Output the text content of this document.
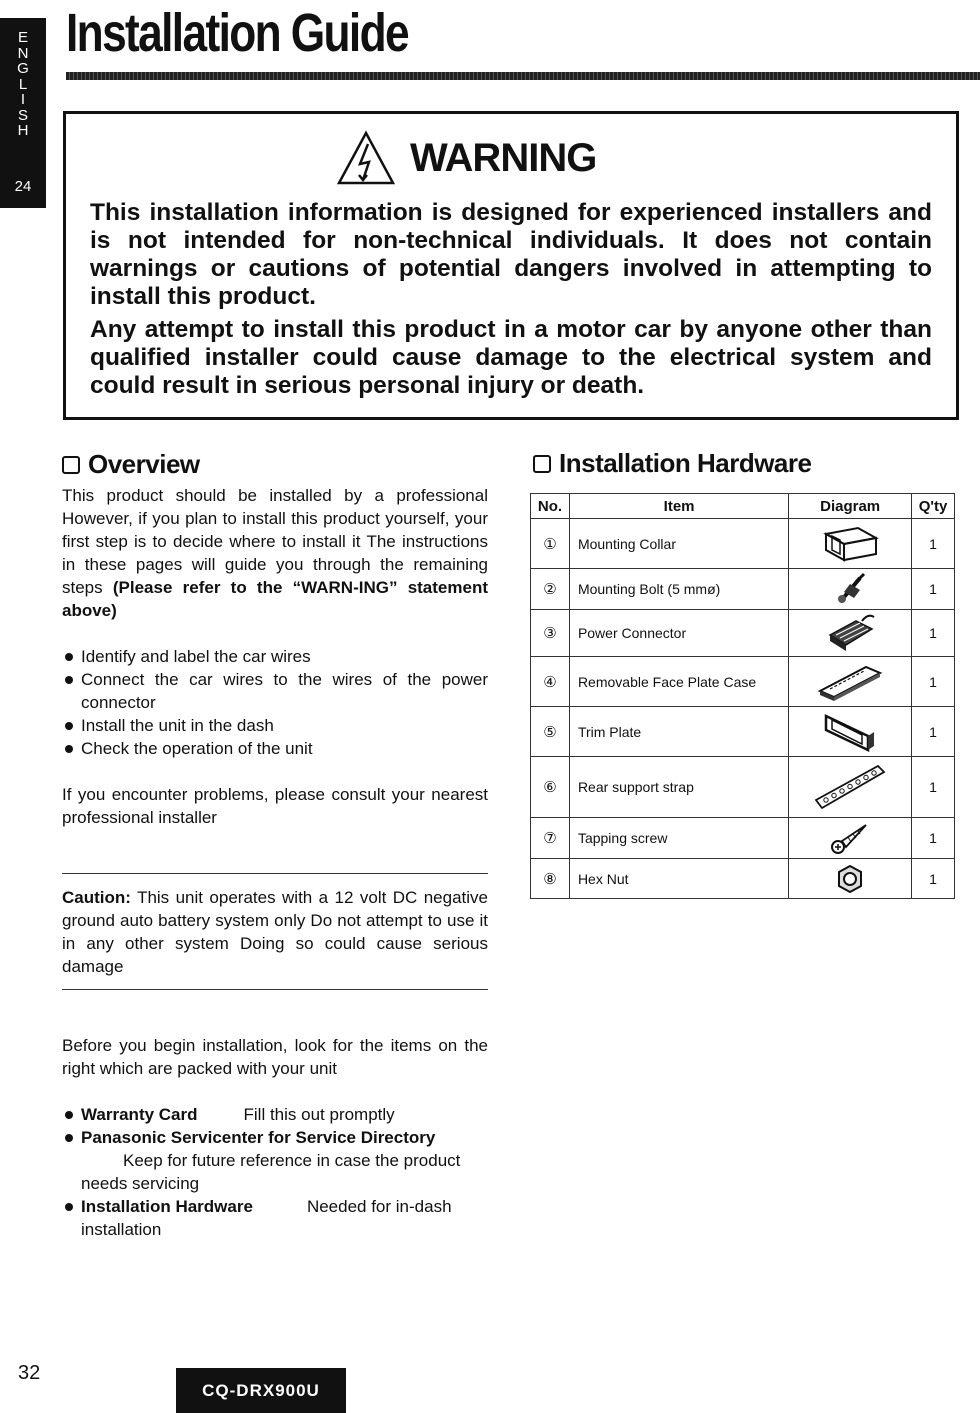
E
N
G
L
I
S
H
24
Installation Guide
WARNING

This installation information is designed for experienced installers and is not intended for non-technical individuals. It does not contain warnings or cautions of potential dangers involved in attempting to install this product.

Any attempt to install this product in a motor car by anyone other than qualified installer could cause damage to the electrical system and could result in serious personal injury or death.

Overview

This product should be installed by a professional However, if you plan to install this product yourself, your first step is to decide where to install it The instructions in these pages will guide you through the remaining steps (Please refer to the “WARN-ING” statement above)

Identify and label the car wires
Connect the car wires to the wires of the power connector
Install the unit in the dash
Check the operation of the unit

If you encounter problems, please consult your nearest professional installer

Caution: This unit operates with a 12 volt DC negative ground auto battery system only Do not attempt to use it in any other system Doing so could cause serious damage

Before you begin installation, look for the items on the right which are packed with your unit

Warranty Card	Fill this out promptly
Panasonic Servicenter for Service Directory
Keep for future reference in case the product needs servicing
Installation Hardware	Needed for in-dash installation
Installation Hardware
No.	Item	Diagram	Q'ty
①	Mounting Collar		1
②	Mounting Bolt (5 mmø)		1
③	Power Connector		1
④	Removable Face Plate Case		1
⑤	Trim Plate		1
⑥	Rear support strap		1
⑦	Tapping screw		1
⑧	Hex Nut		1
32
CQ-DRX900U
